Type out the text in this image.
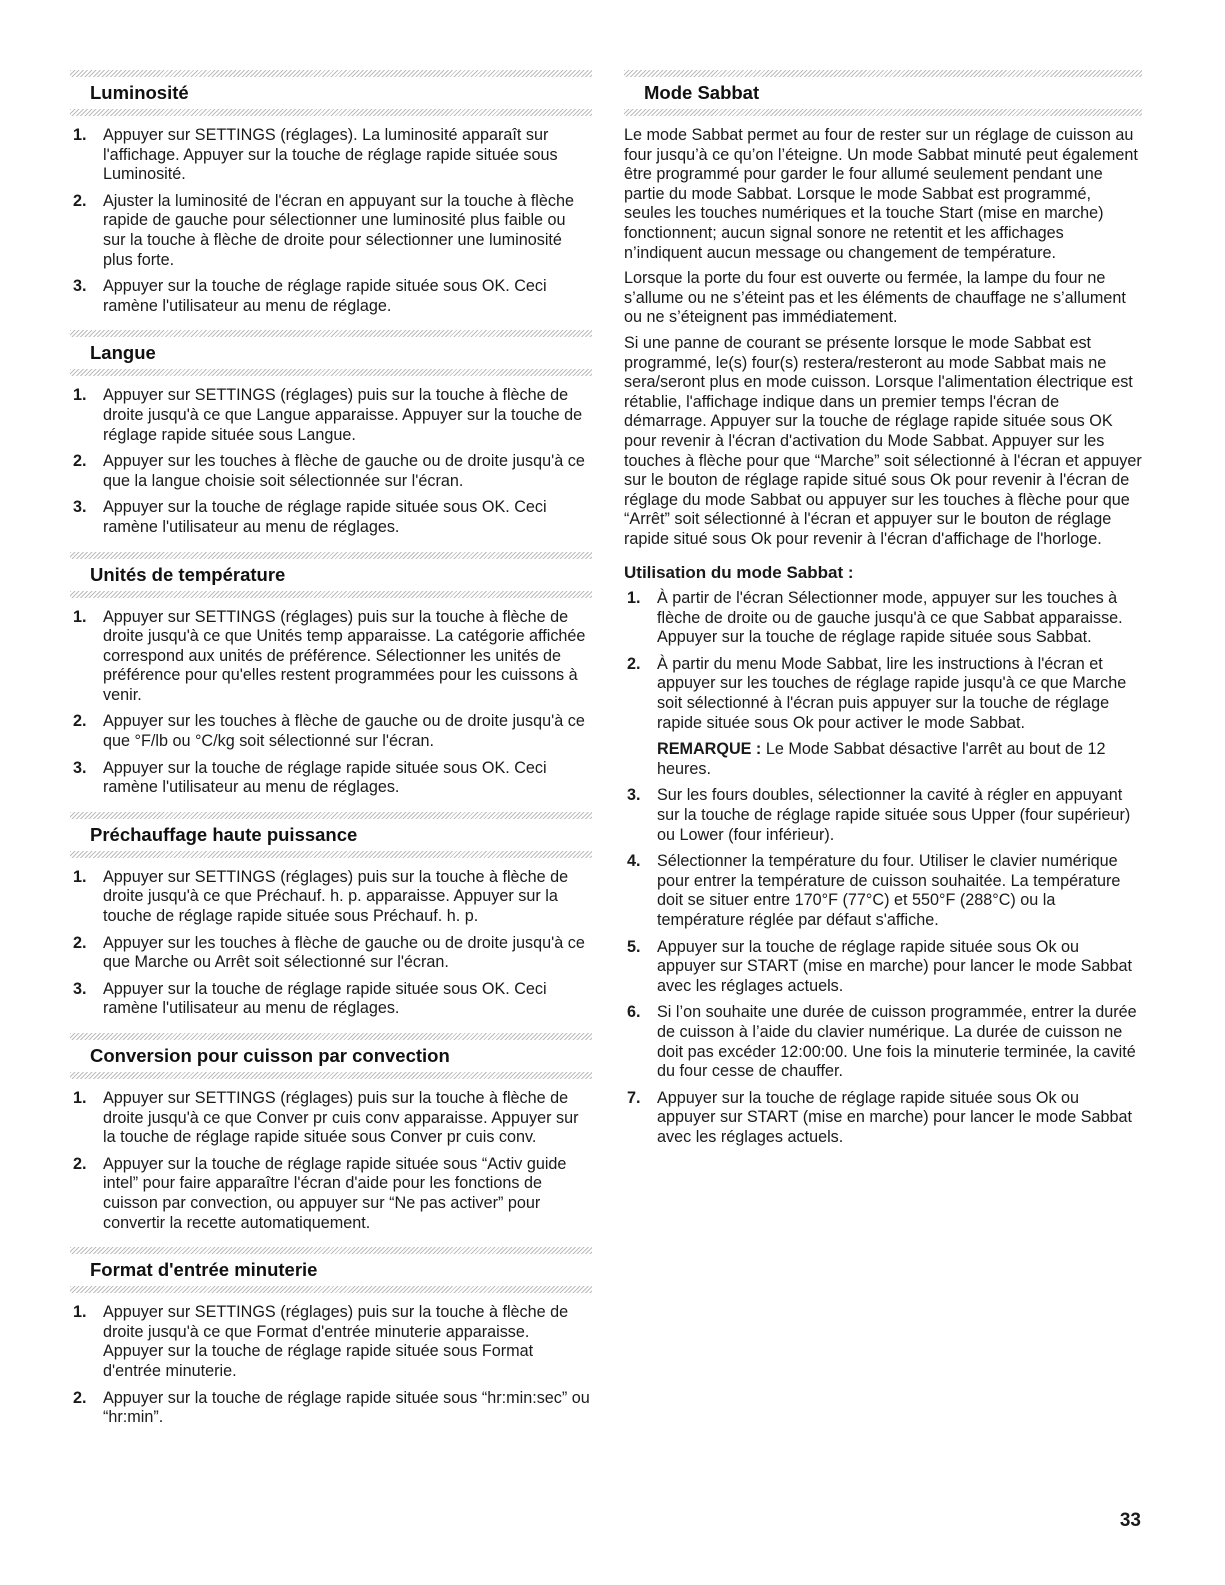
Luminosité
1. Appuyer sur SETTINGS (réglages). La luminosité apparaît sur l'affichage. Appuyer sur la touche de réglage rapide située sous Luminosité.
2. Ajuster la luminosité de l'écran en appuyant sur la touche à flèche rapide de gauche pour sélectionner une luminosité plus faible ou sur la touche à flèche de droite pour sélectionner une luminosité plus forte.
3. Appuyer sur la touche de réglage rapide située sous OK. Ceci ramène l'utilisateur au menu de réglage.
Langue
1. Appuyer sur SETTINGS (réglages) puis sur la touche à flèche de droite jusqu'à ce que Langue apparaisse. Appuyer sur la touche de réglage rapide située sous Langue.
2. Appuyer sur les touches à flèche de gauche ou de droite jusqu'à ce que la langue choisie soit sélectionnée sur l'écran.
3. Appuyer sur la touche de réglage rapide située sous OK. Ceci ramène l'utilisateur au menu de réglages.
Unités de température
1. Appuyer sur SETTINGS (réglages) puis sur la touche à flèche de droite jusqu'à ce que Unités temp apparaisse. La catégorie affichée correspond aux unités de préférence. Sélectionner les unités de préférence pour qu'elles restent programmées pour les cuissons à venir.
2. Appuyer sur les touches à flèche de gauche ou de droite jusqu'à ce que °F/lb ou °C/kg soit sélectionné sur l'écran.
3. Appuyer sur la touche de réglage rapide située sous OK. Ceci ramène l'utilisateur au menu de réglages.
Préchauffage haute puissance
1. Appuyer sur SETTINGS (réglages) puis sur la touche à flèche de droite jusqu'à ce que Préchauf. h. p. apparaisse. Appuyer sur la touche de réglage rapide située sous Préchauf. h. p.
2. Appuyer sur les touches à flèche de gauche ou de droite jusqu'à ce que Marche ou Arrêt soit sélectionné sur l'écran.
3. Appuyer sur la touche de réglage rapide située sous OK. Ceci ramène l'utilisateur au menu de réglages.
Conversion pour cuisson par convection
1. Appuyer sur SETTINGS (réglages) puis sur la touche à flèche de droite jusqu'à ce que Conver pr cuis conv apparaisse. Appuyer sur la touche de réglage rapide située sous Conver pr cuis conv.
2. Appuyer sur la touche de réglage rapide située sous “Activ guide intel” pour faire apparaître l'écran d'aide pour les fonctions de cuisson par convection, ou appuyer sur “Ne pas activer” pour convertir la recette automatiquement.
Format d'entrée minuterie
1. Appuyer sur SETTINGS (réglages) puis sur la touche à flèche de droite jusqu'à ce que Format d'entrée minuterie apparaisse. Appuyer sur la touche de réglage rapide située sous Format d'entrée minuterie.
2. Appuyer sur la touche de réglage rapide située sous “hr:min:sec” ou “hr:min”.
Mode Sabbat

Le mode Sabbat permet au four de rester sur un réglage de cuisson au four jusqu’à ce qu’on l’éteigne. Un mode Sabbat minuté peut également être programmé pour garder le four allumé seulement pendant une partie du mode Sabbat. Lorsque le mode Sabbat est programmé, seules les touches numériques et la touche Start (mise en marche) fonctionnent; aucun signal sonore ne retentit et les affichages n’indiquent aucun message ou changement de température.

Lorsque la porte du four est ouverte ou fermée, la lampe du four ne s’allume ou ne s’éteint pas et les éléments de chauffage ne s’allument ou ne s’éteignent pas immédiatement.

Si une panne de courant se présente lorsque le mode Sabbat est programmé, le(s) four(s) restera/resteront au mode Sabbat mais ne sera/seront plus en mode cuisson. Lorsque l'alimentation électrique est rétablie, l'affichage indique dans un premier temps l'écran de démarrage. Appuyer sur la touche de réglage rapide située sous OK pour revenir à l'écran d'activation du Mode Sabbat. Appuyer sur les touches à flèche pour que “Marche” soit sélectionné à l'écran et appuyer sur le bouton de réglage rapide situé sous Ok pour revenir à l'écran de réglage du mode Sabbat ou appuyer sur les touches à flèche pour que “Arrêt” soit sélectionné à l'écran et appuyer sur le bouton de réglage rapide situé sous Ok pour revenir à l'écran d'affichage de l'horloge.

Utilisation du mode Sabbat :
1. À partir de l'écran Sélectionner mode, appuyer sur les touches à flèche de droite ou de gauche jusqu'à ce que Sabbat apparaisse. Appuyer sur la touche de réglage rapide située sous Sabbat.
2. À partir du menu Mode Sabbat, lire les instructions à l'écran et appuyer sur les touches de réglage rapide jusqu'à ce que Marche soit sélectionné à l'écran puis appuyer sur la touche de réglage rapide située sous Ok pour activer le mode Sabbat.
REMARQUE : Le Mode Sabbat désactive l'arrêt au bout de 12 heures.
3. Sur les fours doubles, sélectionner la cavité à régler en appuyant sur la touche de réglage rapide située sous Upper (four supérieur) ou Lower (four inférieur).
4. Sélectionner la température du four. Utiliser le clavier numérique pour entrer la température de cuisson souhaitée. La température doit se situer entre 170°F (77°C) et 550°F (288°C) ou la température réglée par défaut s'affiche.
5. Appuyer sur la touche de réglage rapide située sous Ok ou appuyer sur START (mise en marche) pour lancer le mode Sabbat avec les réglages actuels.
6. Si l’on souhaite une durée de cuisson programmée, entrer la durée de cuisson à l’aide du clavier numérique. La durée de cuisson ne doit pas excéder 12:00:00. Une fois la minuterie terminée, la cavité du four cesse de chauffer.
7. Appuyer sur la touche de réglage rapide située sous Ok ou appuyer sur START (mise en marche) pour lancer le mode Sabbat avec les réglages actuels.
33
